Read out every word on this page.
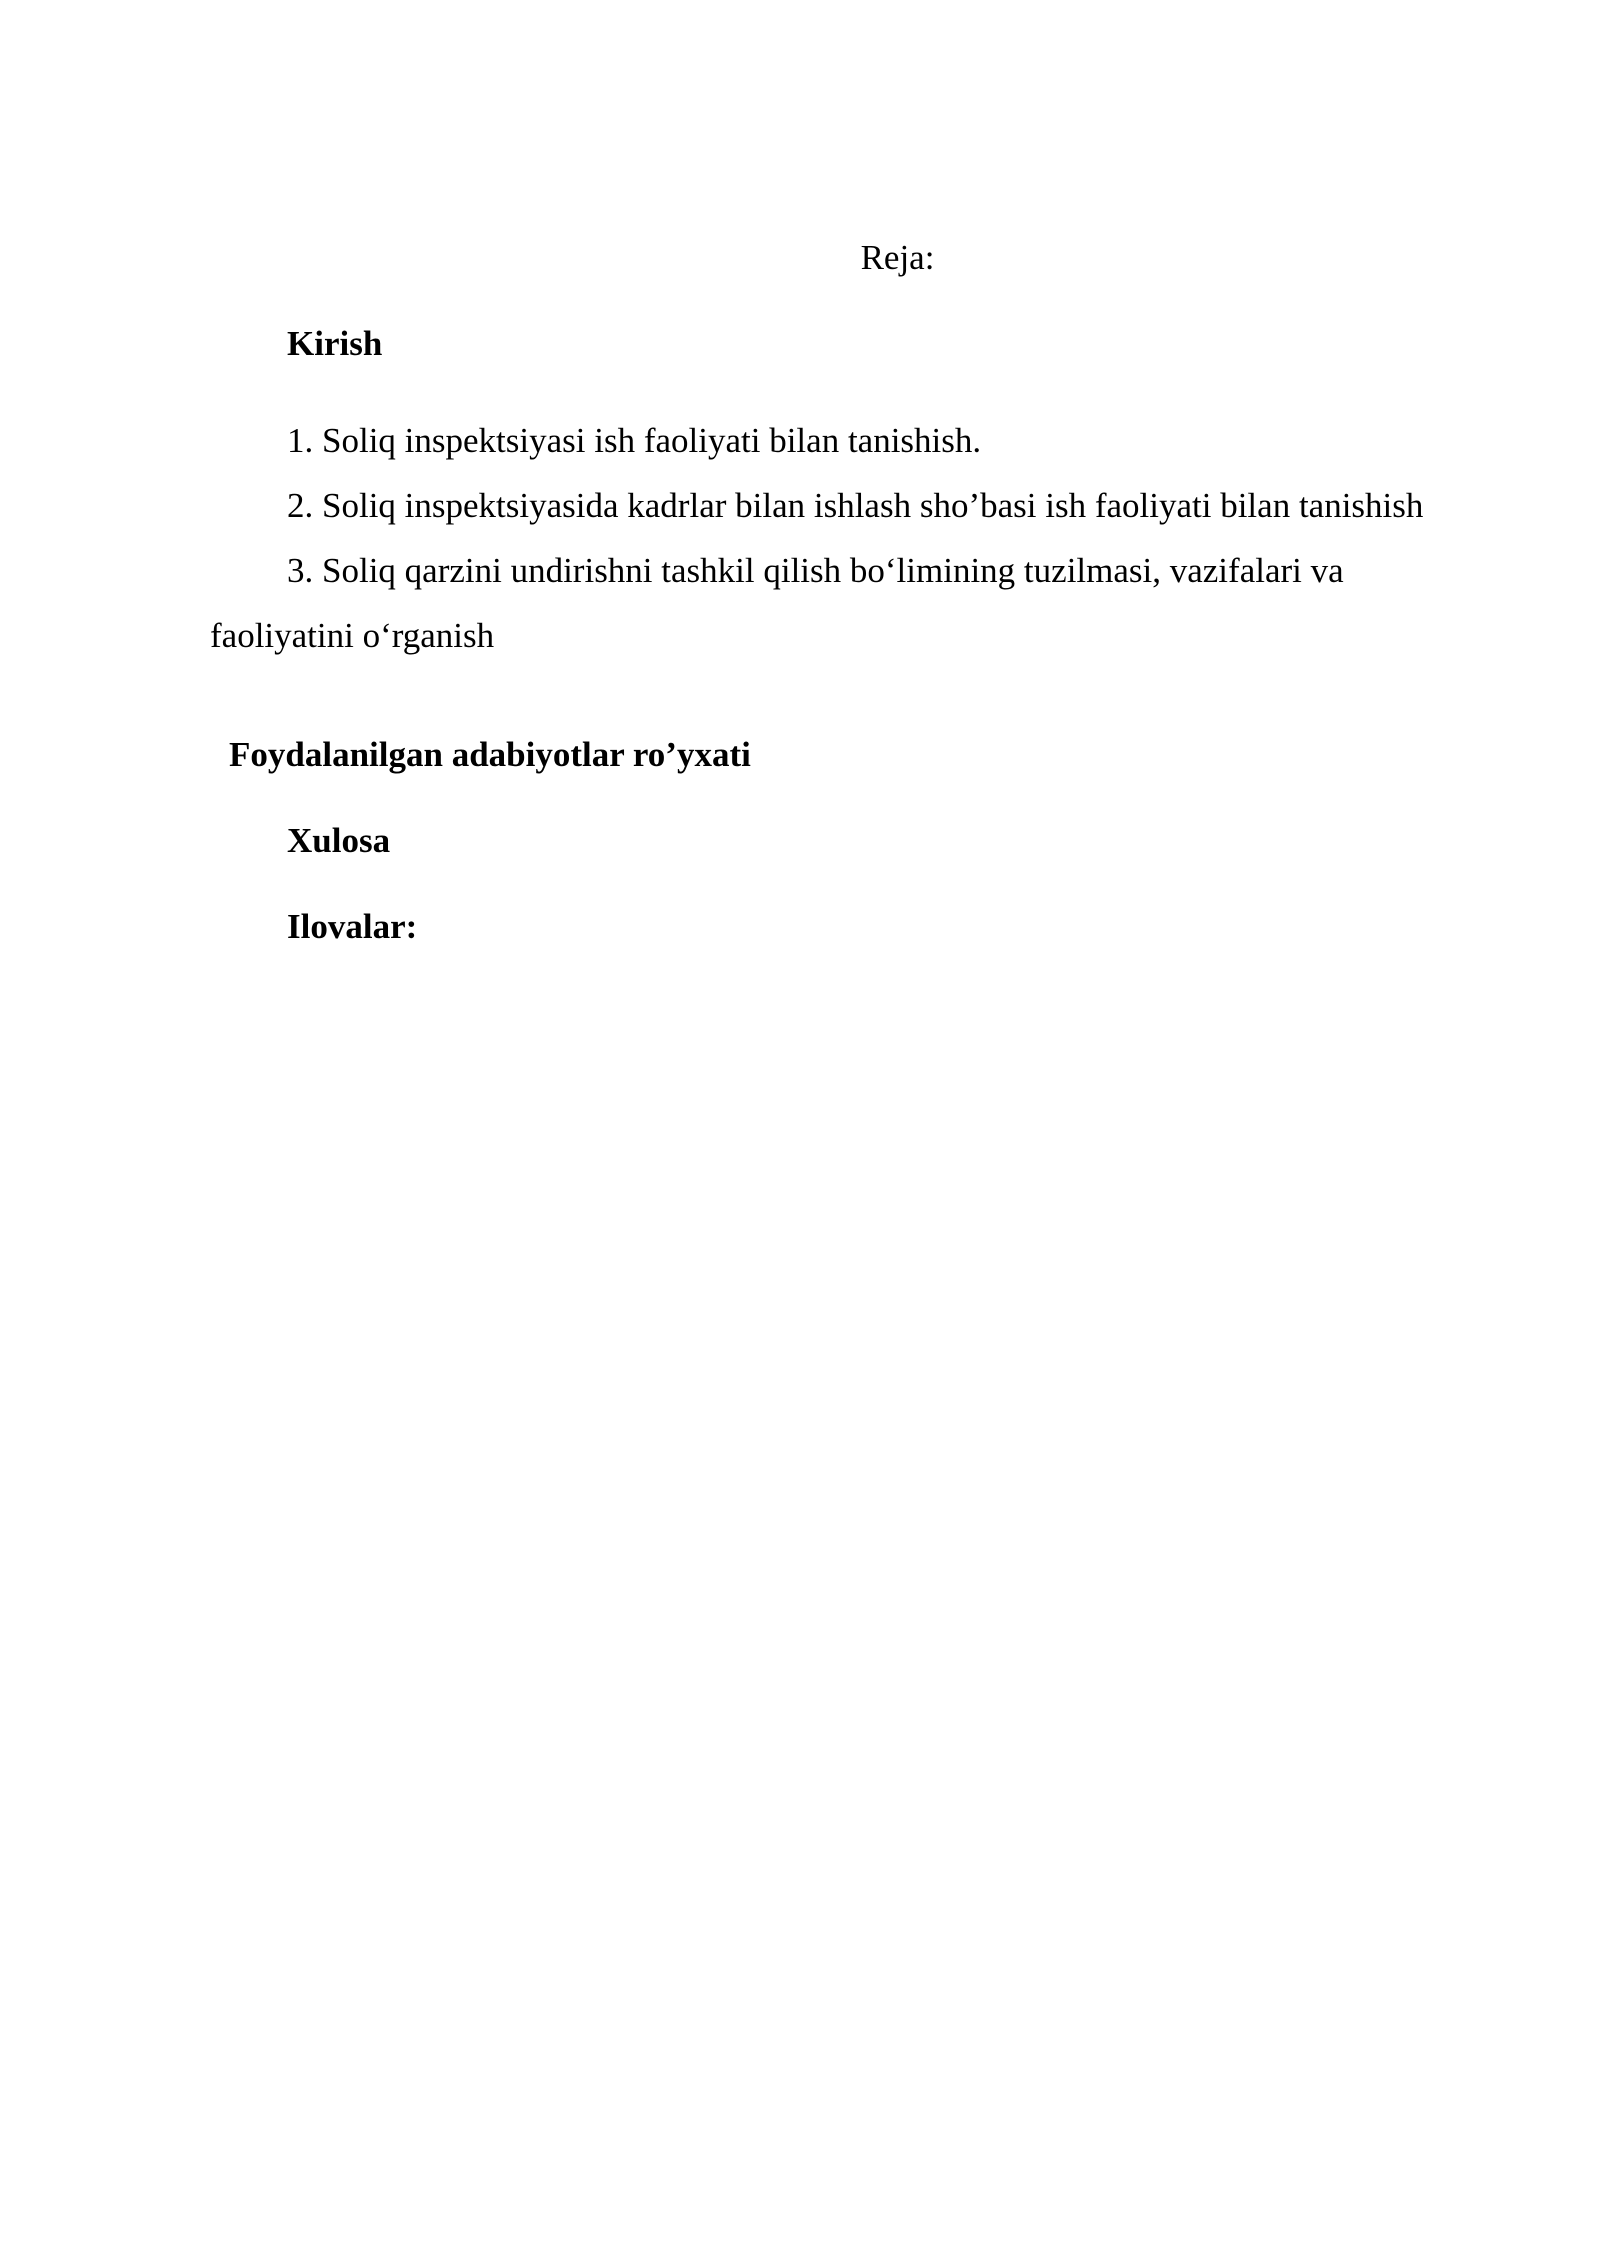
Reja:

Kirish

1. Soliq inspektsiyasi ish faoliyati bilan tanishish.

2. Soliq inspektsiyasida kadrlar bilan ishlash sho’basi ish faoliyati bilan tanishish

3. Soliq qarzini undirishni tashkil qilish bo‘limining tuzilmasi, vazifalari va faoliyatini o‘rganish

Foydalanilgan adabiyotlar ro’yxati

Xulosa

Ilovalar:
